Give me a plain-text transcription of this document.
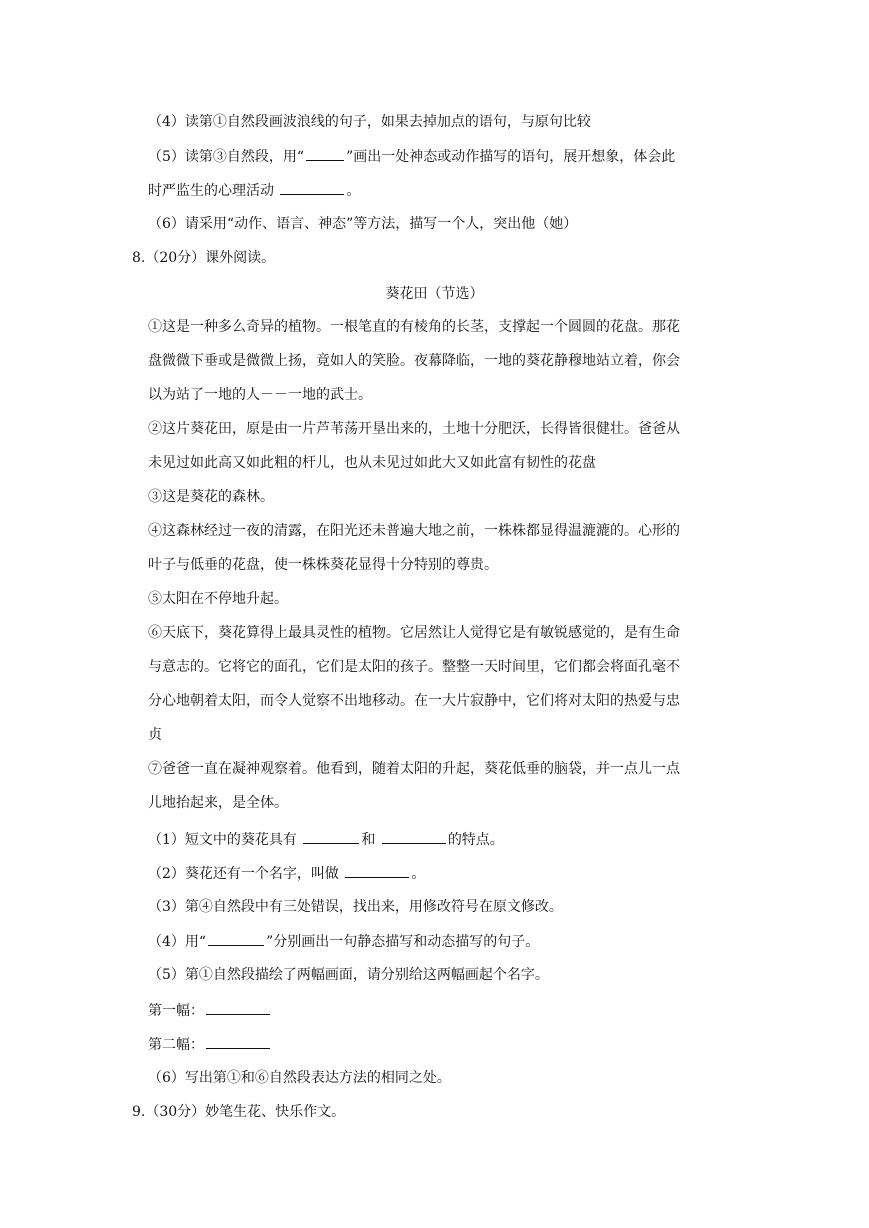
（4）读第①自然段画波浪线的句子，如果去掉加点的语句，与原句比较
（5）读第③自然段，用“	”画出一处神态或动作描写的语句，展开想象，体会此
时严监生的心理活动	。
（6）请采用“动作、语言、神态”等方法，描写一个人，突出他（她）
8.（20分）课外阅读。
葵花田（节选）
①这是一种多么奇异的植物。一根笔直的有棱角的长茎，支撑起一个圆圆的花盘。那花
盘微微下垂或是微微上扬，竟如人的笑脸。夜幕降临，一地的葵花静穆地站立着，你会
以为站了一地的人－－一地的武士。
②这片葵花田，原是由一片芦苇荡开垦出来的，土地十分肥沃，长得皆很健壮。爸爸从
未见过如此高又如此粗的杆儿，也从未见过如此大又如此富有韧性的花盘
③这是葵花的森林。
④这森林经过一夜的清露，在阳光还未普遍大地之前，一株株都显得温漉漉的。心形的
叶子与低垂的花盘，使一株株葵花显得十分特别的尊贵。
⑤太阳在不停地升起。
⑥天底下，葵花算得上最具灵性的植物。它居然让人觉得它是有敏锐感觉的，是有生命
与意志的。它将它的面孔，它们是太阳的孩子。整整一天时间里，它们都会将面孔毫不
分心地朝着太阳，而令人觉察不出地移动。在一大片寂静中，它们将对太阳的热爱与忠
贞
⑦爸爸一直在凝神观察着。他看到，随着太阳的升起，葵花低垂的脑袋，并一点儿一点
儿地抬起来，是全体。
（1）短文中的葵花具有	和	的特点。
（2）葵花还有一个名字，叫做	。
（3）第④自然段中有三处错误，找出来，用修改符号在原文修改。
（4）用“	”分别画出一句静态描写和动态描写的句子。
（5）第①自然段描绘了两幅画面，请分别给这两幅画起个名字。
第一幅：
第二幅：
（6）写出第①和⑥自然段表达方法的相同之处。
9.（30分）妙笔生花、快乐作文。
